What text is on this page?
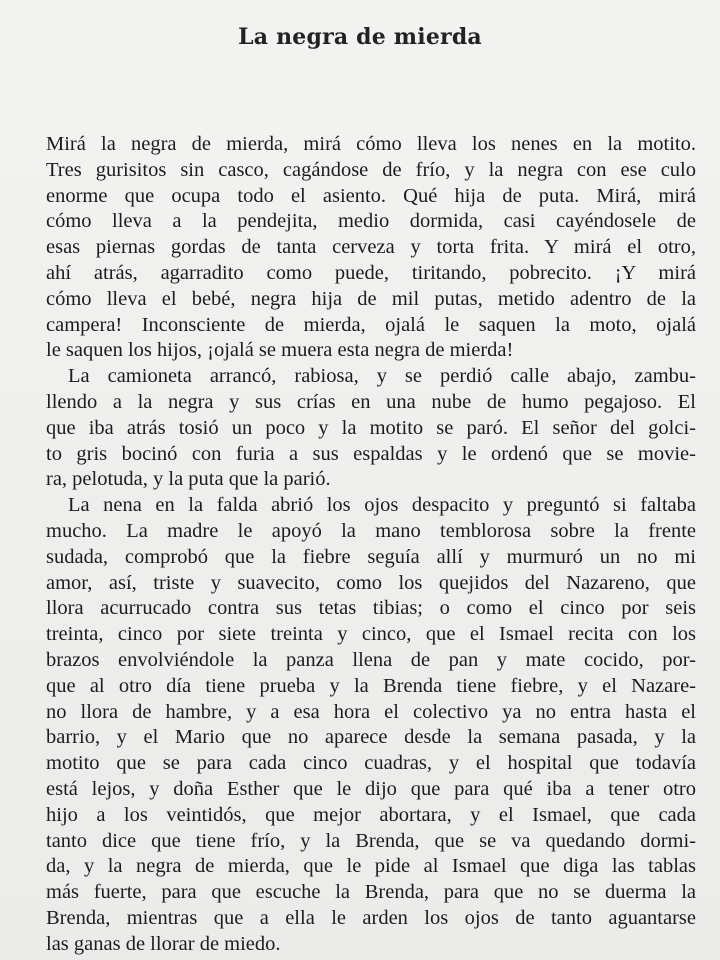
La negra de mierda
Mirá la negra de mierda, mirá cómo lleva los nenes en la motito.
Tres gurisitos sin casco, cagándose de frío, y la negra con ese culo
enorme que ocupa todo el asiento. Qué hija de puta. Mirá, mirá
cómo lleva a la pendejita, medio dormida, casi cayéndosele de
esas piernas gordas de tanta cerveza y torta frita. Y mirá el otro,
ahí atrás, agarradito como puede, tiritando, pobrecito. ¡Y mirá
cómo lleva el bebé, negra hija de mil putas, metido adentro de la
campera! Inconsciente de mierda, ojalá le saquen la moto, ojalá
le saquen los hijos, ¡ojalá se muera esta negra de mierda!
La camioneta arrancó, rabiosa, y se perdió calle abajo, zambu-
llendo a la negra y sus crías en una nube de humo pegajoso. El
que iba atrás tosió un poco y la motito se paró. El señor del golci-
to gris bocinó con furia a sus espaldas y le ordenó que se movie-
ra, pelotuda, y la puta que la parió.
La nena en la falda abrió los ojos despacito y preguntó si faltaba
mucho. La madre le apoyó la mano temblorosa sobre la frente
sudada, comprobó que la fiebre seguía allí y murmuró un no mi
amor, así, triste y suavecito, como los quejidos del Nazareno, que
llora acurrucado contra sus tetas tibias; o como el cinco por seis
treinta, cinco por siete treinta y cinco, que el Ismael recita con los
brazos envolviéndole la panza llena de pan y mate cocido, por-
que al otro día tiene prueba y la Brenda tiene fiebre, y el Nazare-
no llora de hambre, y a esa hora el colectivo ya no entra hasta el
barrio, y el Mario que no aparece desde la semana pasada, y la
motito que se para cada cinco cuadras, y el hospital que todavía
está lejos, y doña Esther que le dijo que para qué iba a tener otro
hijo a los veintidós, que mejor abortara, y el Ismael, que cada
tanto dice que tiene frío, y la Brenda, que se va quedando dormi-
da, y la negra de mierda, que le pide al Ismael que diga las tablas
más fuerte, para que escuche la Brenda, para que no se duerma la
Brenda, mientras que a ella le arden los ojos de tanto aguantarse
las ganas de llorar de miedo.
